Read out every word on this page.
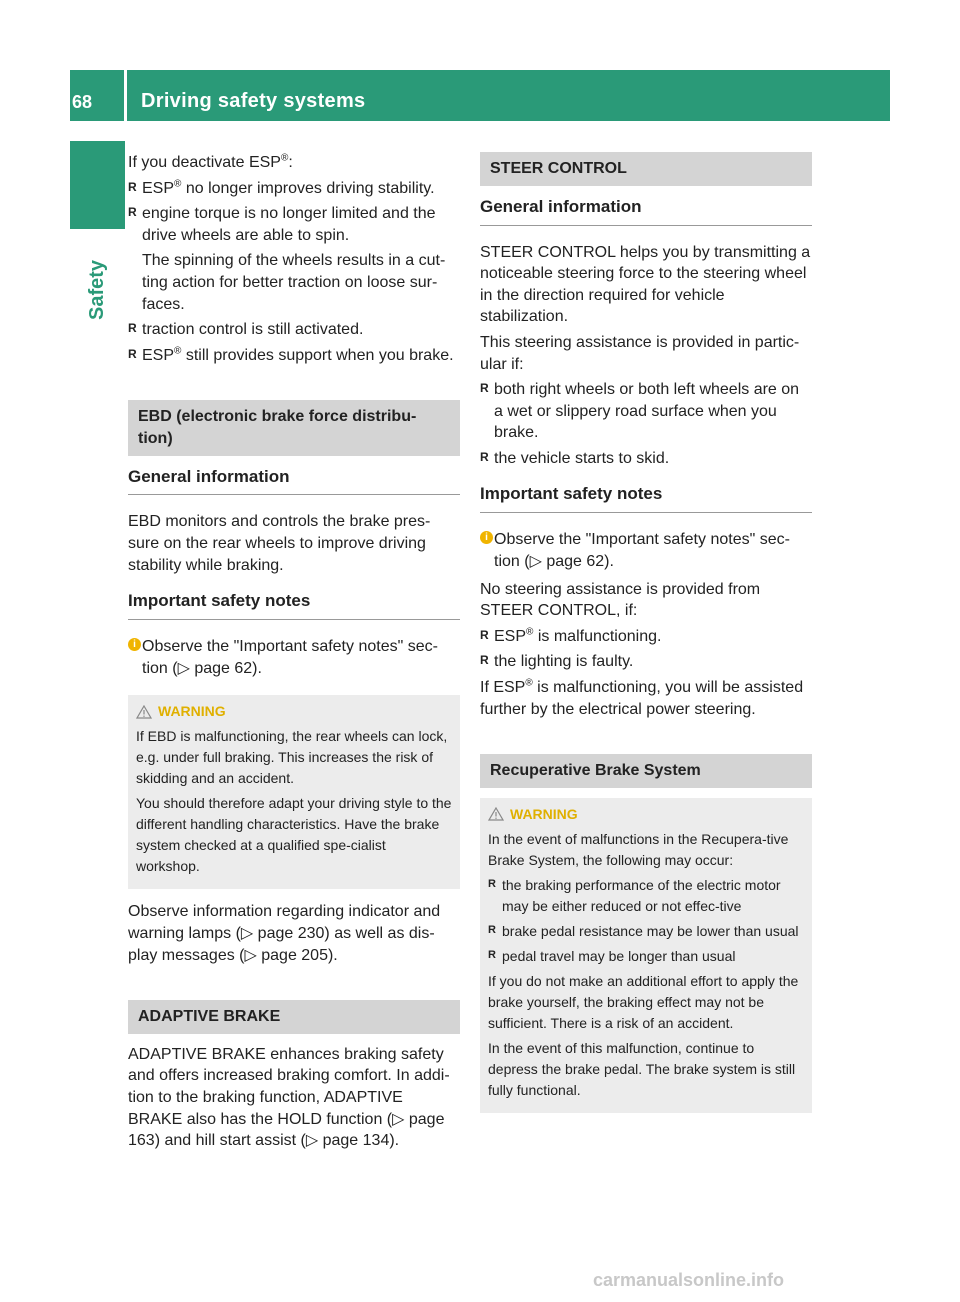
68 Driving safety systems
Safety

If you deactivate ESP®:

R ESP® no longer improves driving stability.
R engine torque is no longer limited and the drive wheels are able to spin.
The spinning of the wheels results in a cut-ting action for better traction on loose sur-faces.
R traction control is still activated.
R ESP® still provides support when you brake.
EBD (electronic brake force distribu-tion)
General information

EBD monitors and controls the brake pres-sure on the rear wheels to improve driving stability while braking.

Important safety notes
i Observe the "Important safety notes" sec-tion (▷ page 62).
WARNING

If EBD is malfunctioning, the rear wheels can lock, e.g. under full braking. This increases the risk of skidding and an accident.

You should therefore adapt your driving style to the different handling characteristics. Have the brake system checked at a qualified spe-cialist workshop.

Observe information regarding indicator and warning lamps (▷ page 230) as well as dis-play messages (▷ page 205).

ADAPTIVE BRAKE

ADAPTIVE BRAKE enhances braking safety and offers increased braking comfort. In addi-tion to the braking function, ADAPTIVE BRAKE also has the HOLD function (▷ page 163) and hill start assist (▷ page 134).

STEER CONTROL
General information

STEER CONTROL helps you by transmitting a noticeable steering force to the steering wheel in the direction required for vehicle stabilization.

This steering assistance is provided in partic-ular if:

R both right wheels or both left wheels are on a wet or slippery road surface when you brake.
R the vehicle starts to skid.
Important safety notes
i Observe the "Important safety notes" sec-tion (▷ page 62).

No steering assistance is provided from STEER CONTROL, if:

R ESP® is malfunctioning.
R the lighting is faulty.

If ESP® is malfunctioning, you will be assisted further by the electrical power steering.

Recuperative Brake System
WARNING

In the event of malfunctions in the Recupera-tive Brake System, the following may occur:

R the braking performance of the electric motor may be either reduced or not effec-tive
R brake pedal resistance may be lower than usual
R pedal travel may be longer than usual

If you do not make an additional effort to apply the brake yourself, the braking effect may not be sufficient. There is a risk of an accident.

In the event of this malfunction, continue to depress the brake pedal. The brake system is still fully functional.

carmanualsonline.info
